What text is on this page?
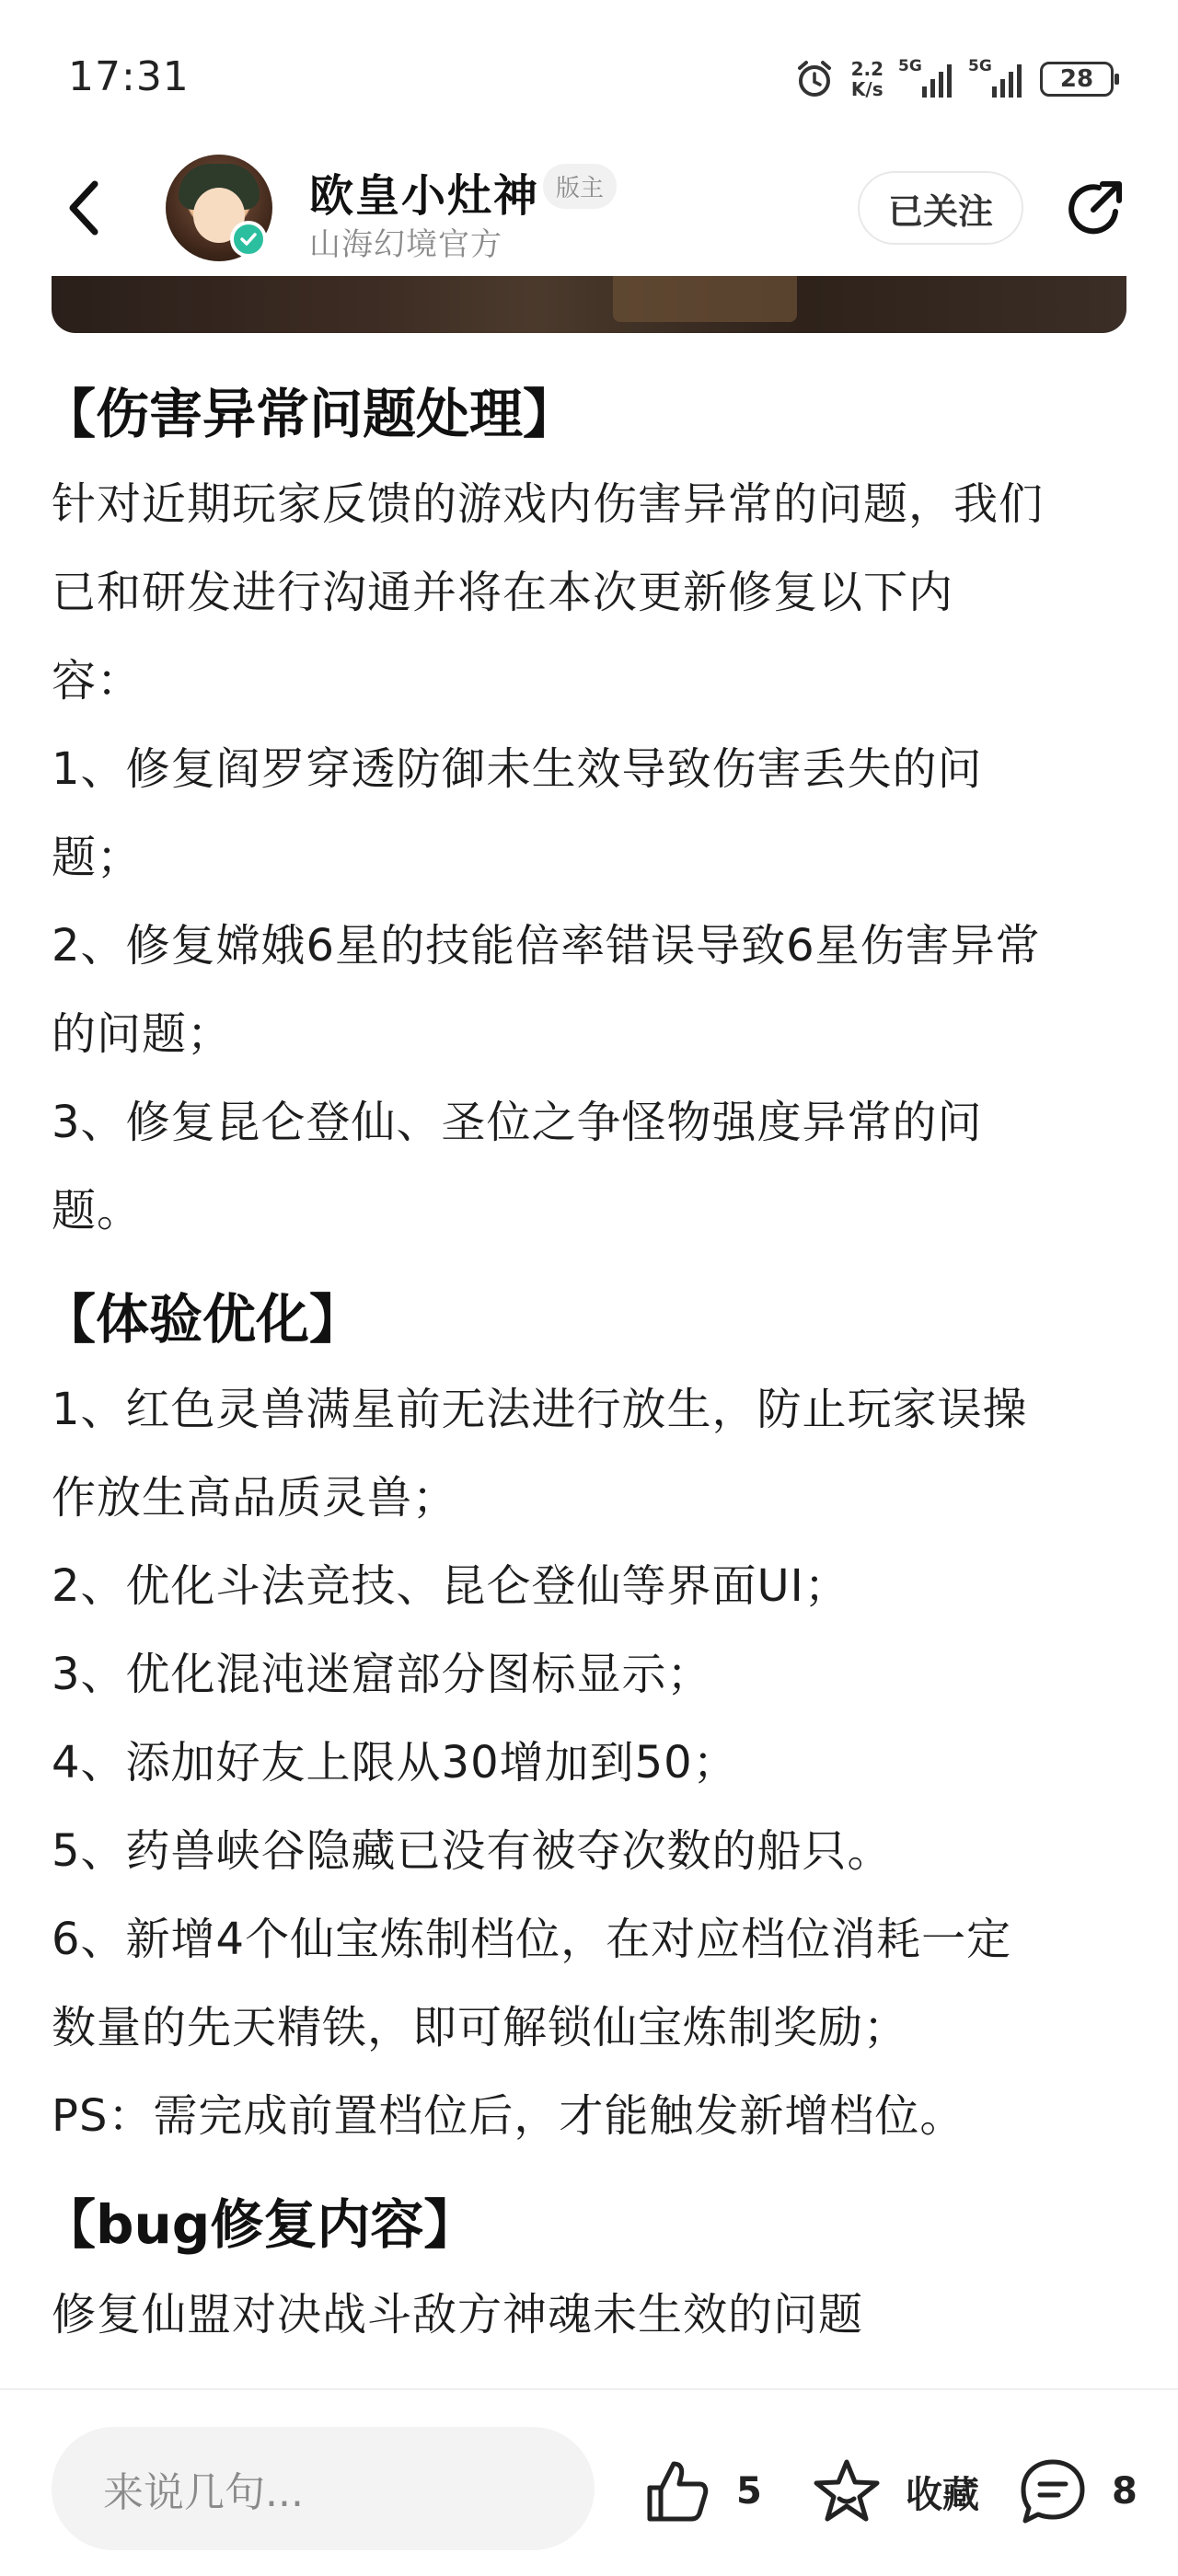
17:31	2.2
K/s
5G	5G	28
欧皇小灶神 版主
山海幻境官方
已关注
【伤害异常问题处理】

针对近期玩家反馈的游戏内伤害异常的问题，我们

已和研发进行沟通并将在本次更新修复以下内

容：

1、修复阎罗穿透防御未生效导致伤害丢失的问

题；

2、修复嫦娥6星的技能倍率错误导致6星伤害异常

的问题；

3、修复昆仑登仙、圣位之争怪物强度异常的问

题。

【体验优化】

1、红色灵兽满星前无法进行放生，防止玩家误操

作放生高品质灵兽；

2、优化斗法竞技、昆仑登仙等界面UI；

3、优化混沌迷窟部分图标显示；

4、添加好友上限从30增加到50；

5、药兽峡谷隐藏已没有被夺次数的船只。

6、新增4个仙宝炼制档位，在对应档位消耗一定

数量的先天精铁，即可解锁仙宝炼制奖励；

PS：需完成前置档位后，才能触发新增档位。

【bug修复内容】

修复仙盟对决战斗敌方神魂未生效的问题

来说几句...	5	收藏	8
